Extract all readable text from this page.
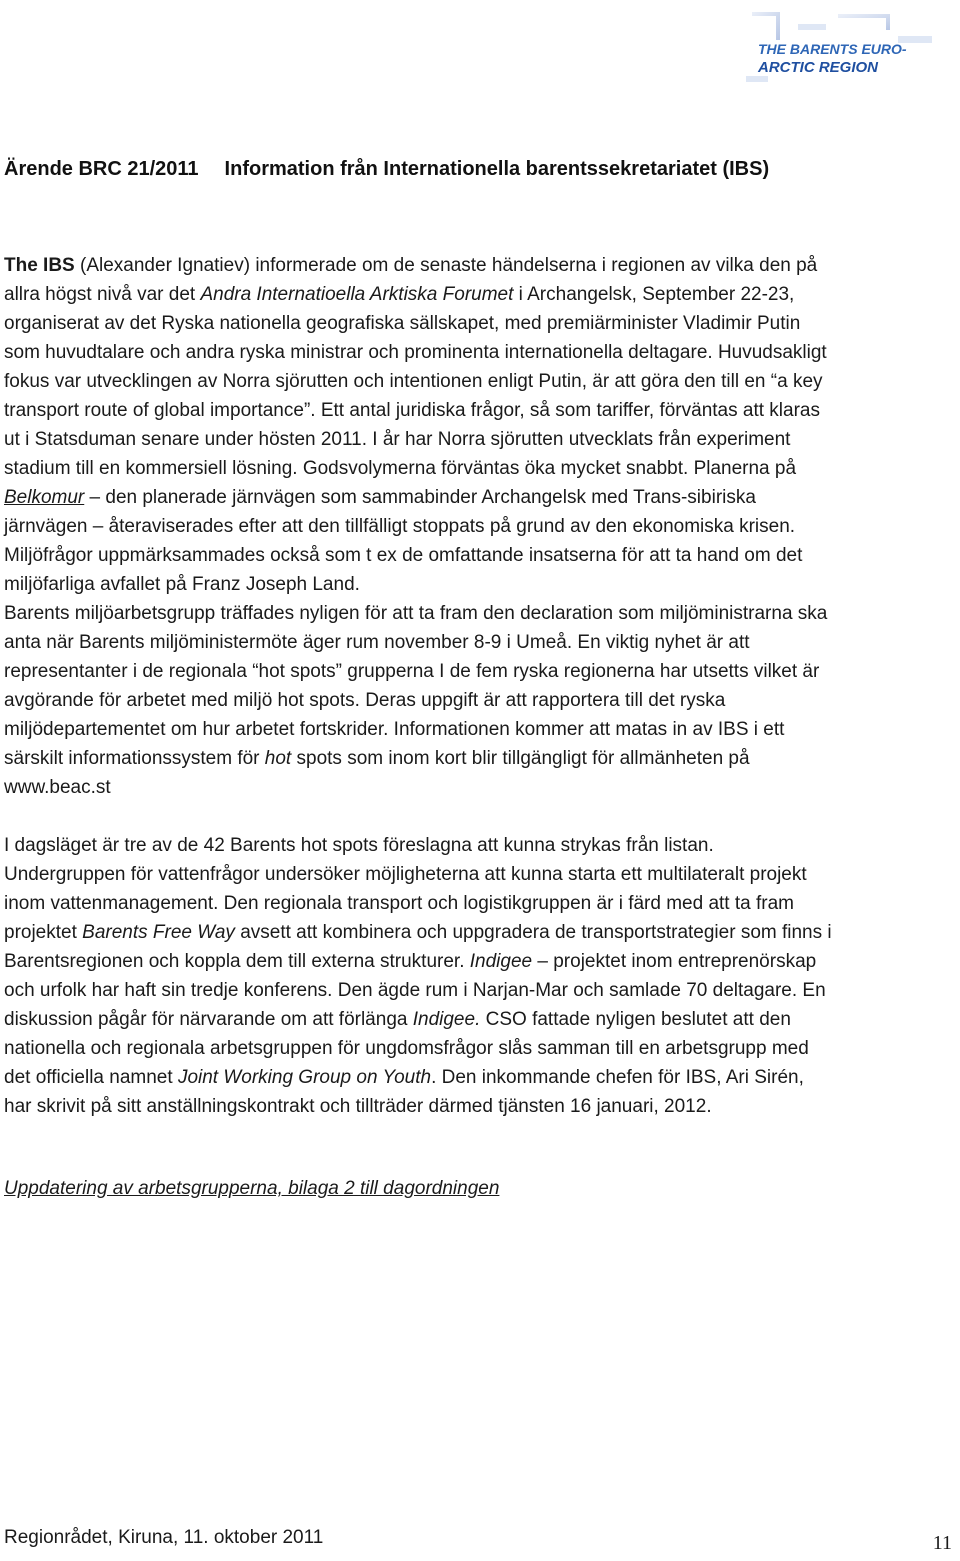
THE BARENTS EURO-
ARCTIC REGION
Ärende BRC 21/2011 Information från Internationella barentssekretariatet (IBS)
The IBS (Alexander Ignatiev) informerade om de senaste händelserna i regionen av vilka den på
allra högst nivå var det Andra Internatioella Arktiska Forumet i Archangelsk, September 22-23,
organiserat av det Ryska nationella geografiska sällskapet, med premiärminister Vladimir Putin
som huvudtalare och andra ryska ministrar och prominenta internationella deltagare. Huvudsakligt
fokus var utvecklingen av Norra sjörutten och intentionen enligt Putin, är att göra den till en “a key
transport route of global importance”. Ett antal juridiska frågor, så som tariffer, förväntas att klaras
ut i Statsduman senare under hösten 2011. I år har Norra sjörutten utvecklats från experiment
stadium till en kommersiell lösning. Godsvolymerna förväntas öka mycket snabbt. Planerna på
Belkomur – den planerade järnvägen som sammabinder Archangelsk med Trans-sibiriska
järnvägen – återaviserades efter att den tillfälligt stoppats på grund av den ekonomiska krisen.
Miljöfrågor uppmärksammades också som t ex de omfattande insatserna för att ta hand om det
miljöfarliga avfallet på Franz Joseph Land.
Barents miljöarbetsgrupp träffades nyligen för att ta fram den declaration som miljöministrarna ska
anta när Barents miljöministermöte äger rum november 8-9 i Umeå. En viktig nyhet är att
representanter i de regionala “hot spots” grupperna I de fem ryska regionerna har utsetts vilket är
avgörande för arbetet med miljö hot spots. Deras uppgift är att rapportera till det ryska
miljödepartementet om hur arbetet fortskrider. Informationen kommer att matas in av IBS i ett
särskilt informationssystem för hot spots som inom kort blir tillgängligt för allmänheten på
www.beac.st
I dagsläget är tre av de 42 Barents hot spots föreslagna att kunna strykas från listan.
Undergruppen för vattenfrågor undersöker möjligheterna att kunna starta ett multilateralt projekt
inom vattenmanagement. Den regionala transport och logistikgruppen är i färd med att ta fram
projektet Barents Free Way avsett att kombinera och uppgradera de transportstrategier som finns i
Barentsregionen och koppla dem till externa strukturer. Indigee – projektet inom entreprenörskap
och urfolk har haft sin tredje konferens. Den ägde rum i Narjan-Mar och samlade 70 deltagare. En
diskussion pågår för närvarande om att förlänga Indigee. CSO fattade nyligen beslutet att den
nationella och regionala arbetsgruppen för ungdomsfrågor slås samman till en arbetsgrupp med
det officiella namnet Joint Working Group on Youth. Den inkommande chefen för IBS, Ari Sirén,
har skrivit på sitt anställningskontrakt och tillträder därmed tjänsten 16 januari, 2012.
Uppdatering av arbetsgrupperna, bilaga 2 till dagordningen
Regionrådet, Kiruna, 11. oktober 2011	11
